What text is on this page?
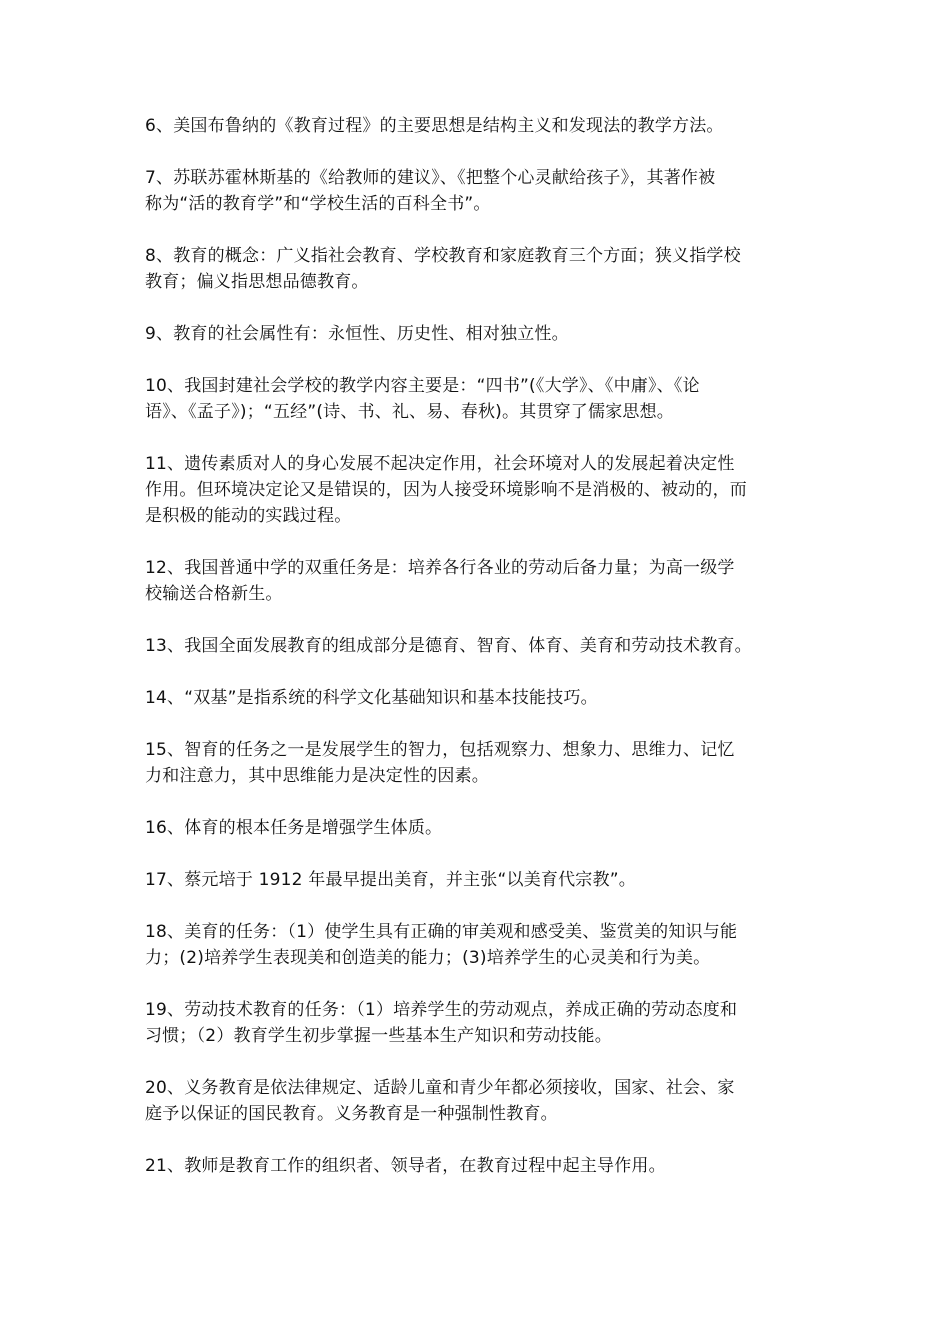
6、美国布鲁纳的《教育过程》的主要思想是结构主义和发现法的教学方法。

7、苏联苏霍林斯基的《给教师的建议》、《把整个心灵献给孩子》，其著作被
称为“活的教育学”和“学校生活的百科全书”。

8、教育的概念：广义指社会教育、学校教育和家庭教育三个方面；狭义指学校
教育；偏义指思想品德教育。

9、教育的社会属性有：永恒性、历史性、相对独立性。

10、我国封建社会学校的教学内容主要是：“四书”(《大学》、《中庸》、《论
语》、《孟子》)；“五经”(诗、书、礼、易、春秋)。其贯穿了儒家思想。

11、遗传素质对人的身心发展不起决定作用，社会环境对人的发展起着决定性
作用。但环境决定论又是错误的，因为人接受环境影响不是消极的、被动的，而
是积极的能动的实践过程。

12、我国普通中学的双重任务是：培养各行各业的劳动后备力量；为高一级学
校输送合格新生。

13、我国全面发展教育的组成部分是德育、智育、体育、美育和劳动技术教育。

14、“双基”是指系统的科学文化基础知识和基本技能技巧。

15、智育的任务之一是发展学生的智力，包括观察力、想象力、思维力、记忆
力和注意力，其中思维能力是决定性的因素。

16、体育的根本任务是增强学生体质。

17、蔡元培于 1912 年最早提出美育，并主张“以美育代宗教”。

18、美育的任务：（1）使学生具有正确的审美观和感受美、鉴赏美的知识与能
力；(2)培养学生表现美和创造美的能力；(3)培养学生的心灵美和行为美。

19、劳动技术教育的任务：（1）培养学生的劳动观点，养成正确的劳动态度和
习惯；（2）教育学生初步掌握一些基本生产知识和劳动技能。

20、义务教育是依法律规定、适龄儿童和青少年都必须接收，国家、社会、家
庭予以保证的国民教育。义务教育是一种强制性教育。

21、教师是教育工作的组织者、领导者，在教育过程中起主导作用。
